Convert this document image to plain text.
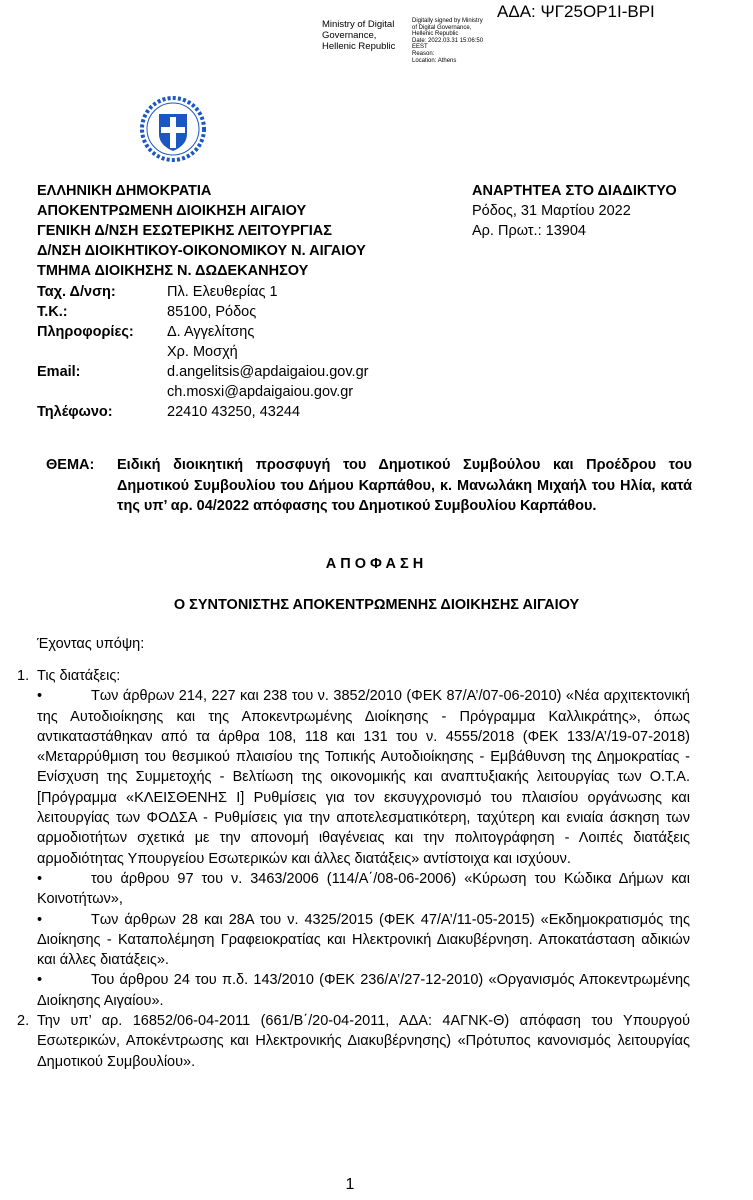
ΑΔΑ: ΨΓ25ΟΡ1Ι-ΒΡΙ
Ministry of Digital Governance, Hellenic Republic
Digitally signed by Ministry
of Digital Governance,
Hellenic Republic
Date: 2022.03.31 15:06:50
EEST
Reason:
Location: Athens
ΕΛΛΗΝΙΚΗ ΔΗΜΟΚΡΑΤΙΑ
ΑΠΟΚΕΝΤΡΩΜΕΝΗ ΔΙΟΙΚΗΣΗ ΑΙΓΑΙΟΥ
ΓΕΝΙΚΗ Δ/ΝΣΗ ΕΣΩΤΕΡΙΚΗΣ ΛΕΙΤΟΥΡΓΙΑΣ
Δ/ΝΣΗ ΔΙΟΙΚΗΤΙΚΟΥ-ΟΙΚΟΝΟΜΙΚΟΥ Ν. ΑΙΓΑΙΟΥ
ΤΜΗΜΑ ΔΙΟΙΚΗΣΗΣ Ν. ΔΩΔΕΚΑΝΗΣΟΥ
ΑΝΑΡΤΗΤΕΑ ΣΤΟ ΔΙΑΔΙΚΤΥΟ
Ρόδος, 31 Μαρτίου 2022
Αρ. Πρωτ.: 13904
Ταχ. Δ/νση:	Πλ. Ελευθερίας 1
Τ.Κ.:	85100, Ρόδος
Πληροφορίες:	Δ. Αγγελίτσης
Χρ. Μοσχή
Email:	d.angelitsis@apdaigaiou.gov.gr
ch.mosxi@apdaigaiou.gov.gr
Τηλέφωνο:	22410 43250, 43244
ΘΕΜΑ: Ειδική διοικητική προσφυγή του Δημοτικού Συμβούλου και Προέδρου του Δημοτικού Συμβουλίου του Δήμου Καρπάθου, κ. Μανωλάκη Μιχαήλ του Ηλία, κατά της υπ’ αρ. 04/2022 απόφασης του Δημοτικού Συμβουλίου Καρπάθου.
ΑΠΟΦΑΣΗ
Ο ΣΥΝΤΟΝΙΣΤΗΣ ΑΠΟΚΕΝΤΡΩΜΕΝΗΣ ΔΙΟΙΚΗΣΗΣ ΑΙΓΑΙΟΥ
Έχοντας υπόψη:
1. Τις διατάξεις:
•	Των άρθρων 214, 227 και 238 του ν. 3852/2010 (ΦΕΚ 87/Α’/07-06-2010) «Νέα αρχιτεκτονική της Αυτοδιοίκησης και της Αποκεντρωμένης Διοίκησης - Πρόγραμμα Καλλικράτης», όπως αντικαταστάθηκαν από τα άρθρα 108, 118 και 131 του ν. 4555/2018 (ΦΕΚ 133/Α’/19-07-2018) «Μεταρρύθμιση του θεσμικού πλαισίου της Τοπικής Αυτοδιοίκησης - Εμβάθυνση της Δημοκρατίας - Ενίσχυση της Συμμετοχής - Βελτίωση της οικονομικής και αναπτυξιακής λειτουργίας των Ο.Τ.Α. [Πρόγραμμα «ΚΛΕΙΣΘΕΝΗΣ Ι] Ρυθμίσεις για τον εκσυγχρονισμό του πλαισίου οργάνωσης και λειτουργίας των ΦΟΔΣΑ - Ρυθμίσεις για την αποτελεσματικότερη, ταχύτερη και ενιαία άσκηση των αρμοδιοτήτων σχετικά με την απονομή ιθαγένειας και την πολιτογράφηση - Λοιπές διατάξεις αρμοδιότητας Υπουργείου Εσωτερικών και άλλες διατάξεις» αντίστοιχα και ισχύουν.
•	του άρθρου 97 του ν. 3463/2006 (114/Α΄/08-06-2006) «Κύρωση του Κώδικα Δήμων και Κοινοτήτων»,
•	Των άρθρων 28 και 28Α του ν. 4325/2015 (ΦΕΚ 47/Α’/11-05-2015) «Εκδημοκρατισμός της Διοίκησης - Καταπολέμηση Γραφειοκρατίας και Ηλεκτρονική Διακυβέρνηση. Αποκατάσταση αδικιών και άλλες διατάξεις».
•	Του άρθρου 24 του π.δ. 143/2010 (ΦΕΚ 236/Α’/27-12-2010) «Οργανισμός Αποκεντρωμένης Διοίκησης Αιγαίου».
2. Την υπ’ αρ. 16852/06-04-2011 (661/Β΄/20-04-2011, ΑΔΑ: 4ΑΓΝΚ-Θ) απόφαση του Υπουργού Εσωτερικών, Αποκέντρωσης και Ηλεκτρονικής Διακυβέρνησης) «Πρότυπος κανονισμός λειτουργίας Δημοτικού Συμβουλίου».
1
